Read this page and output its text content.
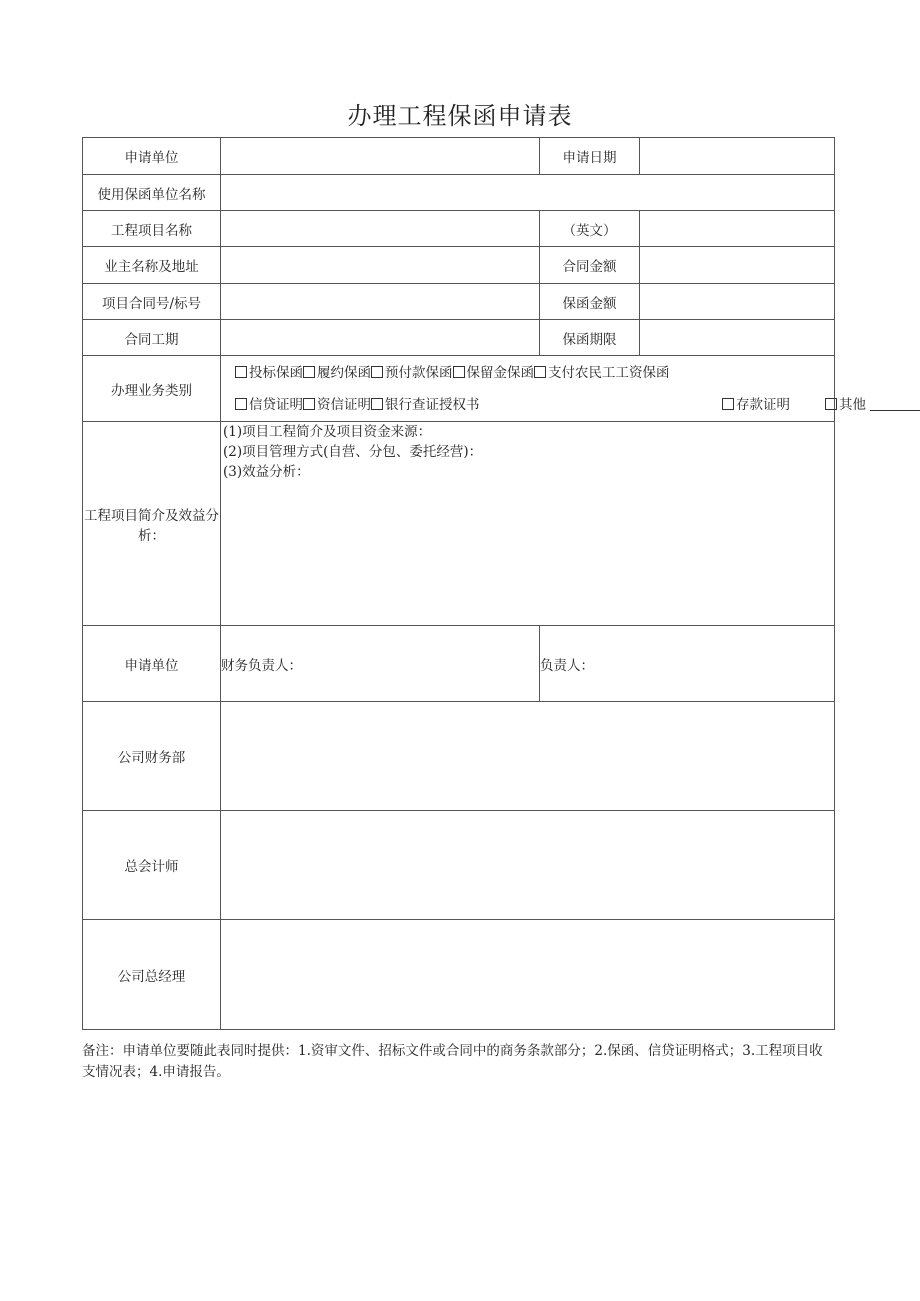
办理工程保函申请表
申请单位		申请日期	
使用保函单位名称			
工程项目名称		（英文）	
业主名称及地址		合同金额	
项目合同号/标号		保函金额	
合同工期		保函期限	
办理业务类别	投标保函 履约保函 预付款保函 保留金保函 支付农民工工资保函
信贷证明 资信证明 银行查证授权书 存款证明 其他		

工程项目简介及效益分析：	(1)项目工程简介及项目资金来源：
(2)项目管理方式(自营、分包、委托经营)：
(3)效益分析：		

申请单位	财务负责人：	负责人：	
公司财务部			
总会计师			
公司总经理			
备注：申请单位要随此表同时提供：1.资审文件、招标文件或合同中的商务条款部分；2.保函、信贷证明格式；3.工程项目收支情况表；4.申请报告。
